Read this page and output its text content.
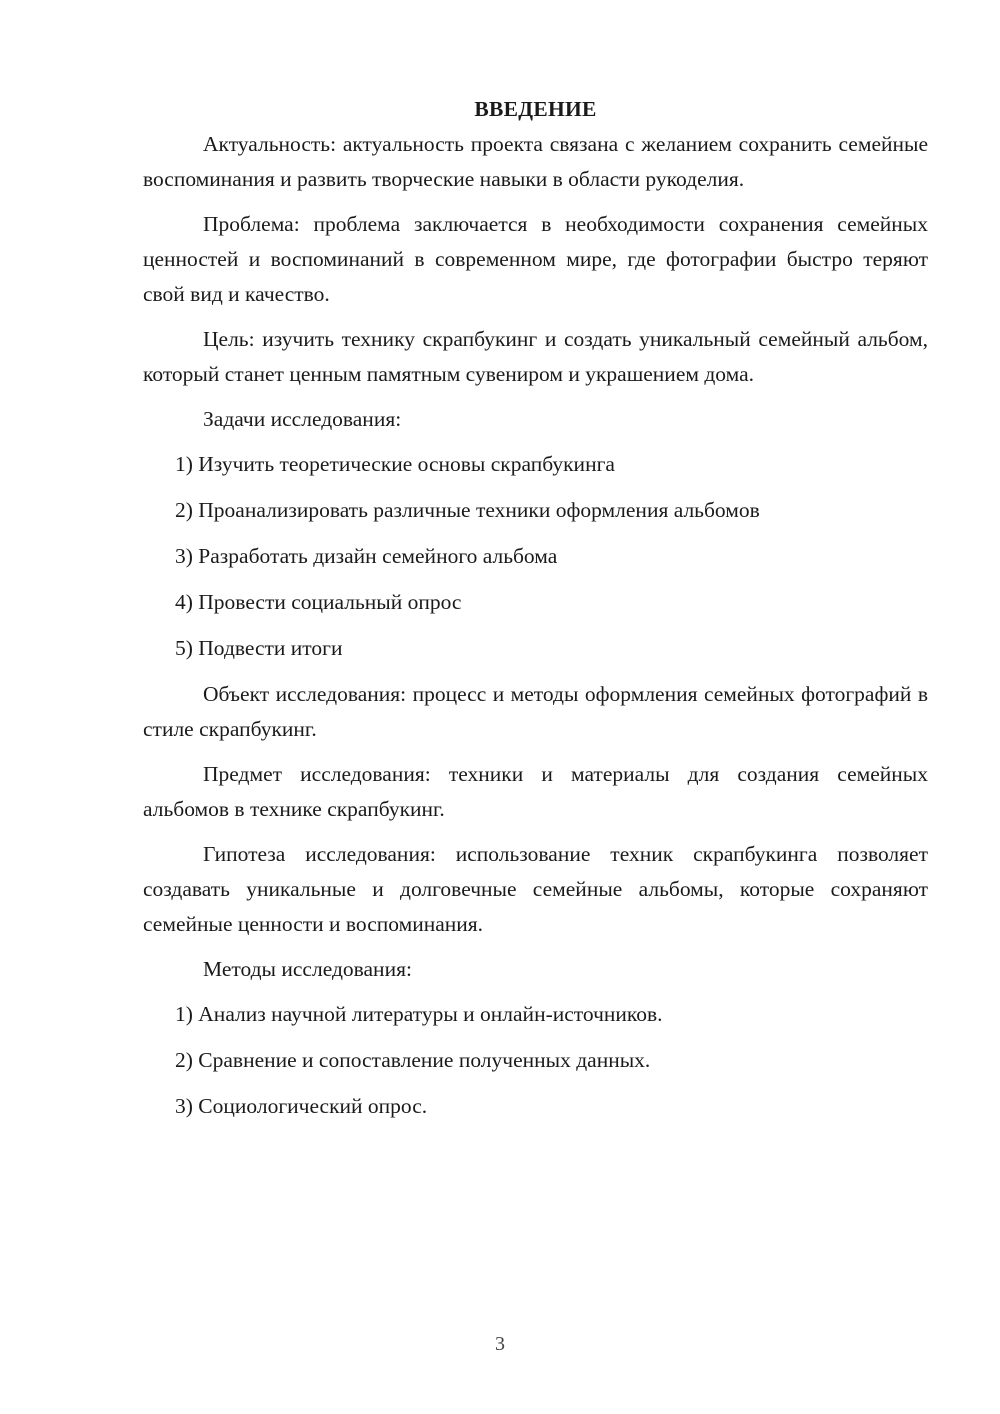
ВВЕДЕНИЕ

Актуальность: актуальность проекта связана с желанием сохранить семейные воспоминания и развить творческие навыки в области рукоделия.

Проблема: проблема заключается в необходимости сохранения семейных ценностей и воспоминаний в современном мире, где фотографии быстро теряют свой вид и качество.

Цель: изучить технику скрапбукинг и создать уникальный семейный альбом, который станет ценным памятным сувениром и украшением дома.

Задачи исследования:

1) Изучить теоретические основы скрапбукинга
2) Проанализировать различные техники оформления альбомов
3) Разработать дизайн семейного альбома
4) Провести социальный опрос
5) Подвести итоги

Объект исследования: процесс и методы оформления семейных фотографий в стиле скрапбукинг.

Предмет исследования: техники и материалы для создания семейных альбомов в технике скрапбукинг.

Гипотеза исследования: использование техник скрапбукинга позволяет создавать уникальные и долговечные семейные альбомы, которые сохраняют семейные ценности и воспоминания.

Методы исследования:

1) Анализ научной литературы и онлайн-источников.
2) Сравнение и сопоставление полученных данных.
3) Социологический опрос.
3
